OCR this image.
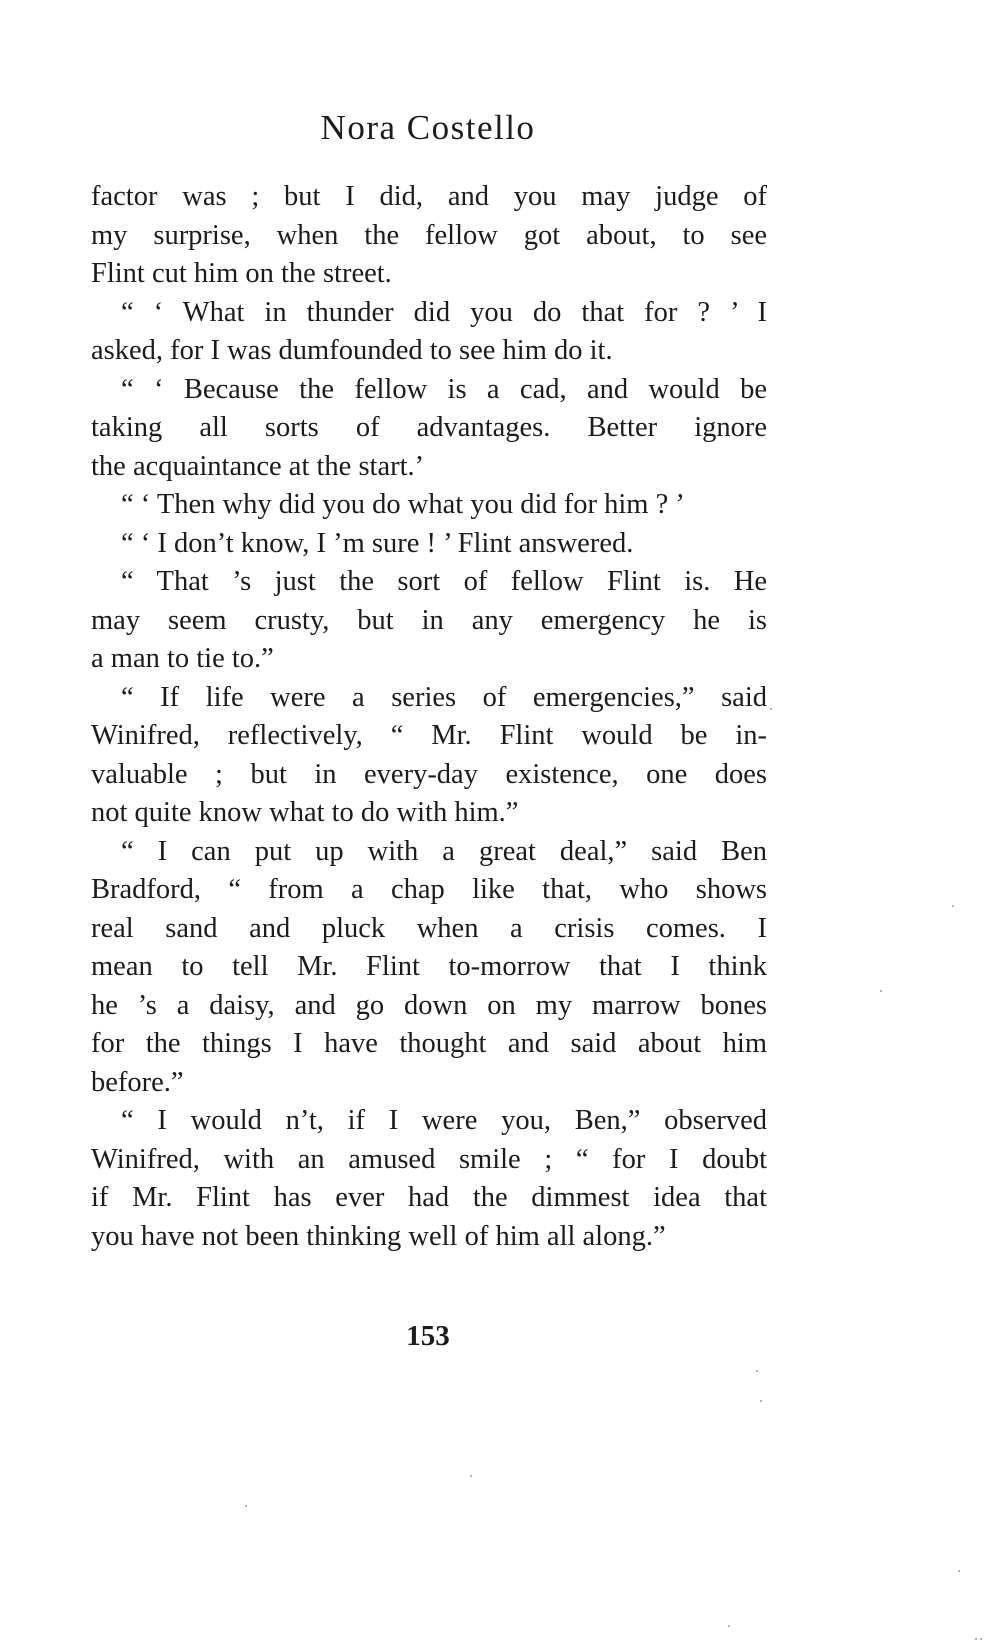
Nora Costello
factor was ; but I did, and you may judge of
my surprise, when the fellow got about, to see
Flint cut him on the street.
“ ‘ What in thunder did you do that for ? ’ I
asked, for I was dumfounded to see him do it.
“ ‘ Because the fellow is a cad, and would be
taking all sorts of advantages. Better ignore
the acquaintance at the start.’
“ ‘ Then why did you do what you did for him ? ’
“ ‘ I don’t know, I ’m sure ! ’ Flint answered.
“ That ’s just the sort of fellow Flint is. He
may seem crusty, but in any emergency he is
a man to tie to.”
“ If life were a series of emergencies,” said
Winifred, reflectively, “ Mr. Flint would be in-
valuable ; but in every-day existence, one does
not quite know what to do with him.”
“ I can put up with a great deal,” said Ben
Bradford, “ from a chap like that, who shows
real sand and pluck when a crisis comes. I
mean to tell Mr. Flint to-morrow that I think
he ’s a daisy, and go down on my marrow bones
for the things I have thought and said about him
before.”
“ I would n’t, if I were you, Ben,” observed
Winifred, with an amused smile ; “ for I doubt
if Mr. Flint has ever had the dimmest idea that
you have not been thinking well of him all along.”
153
